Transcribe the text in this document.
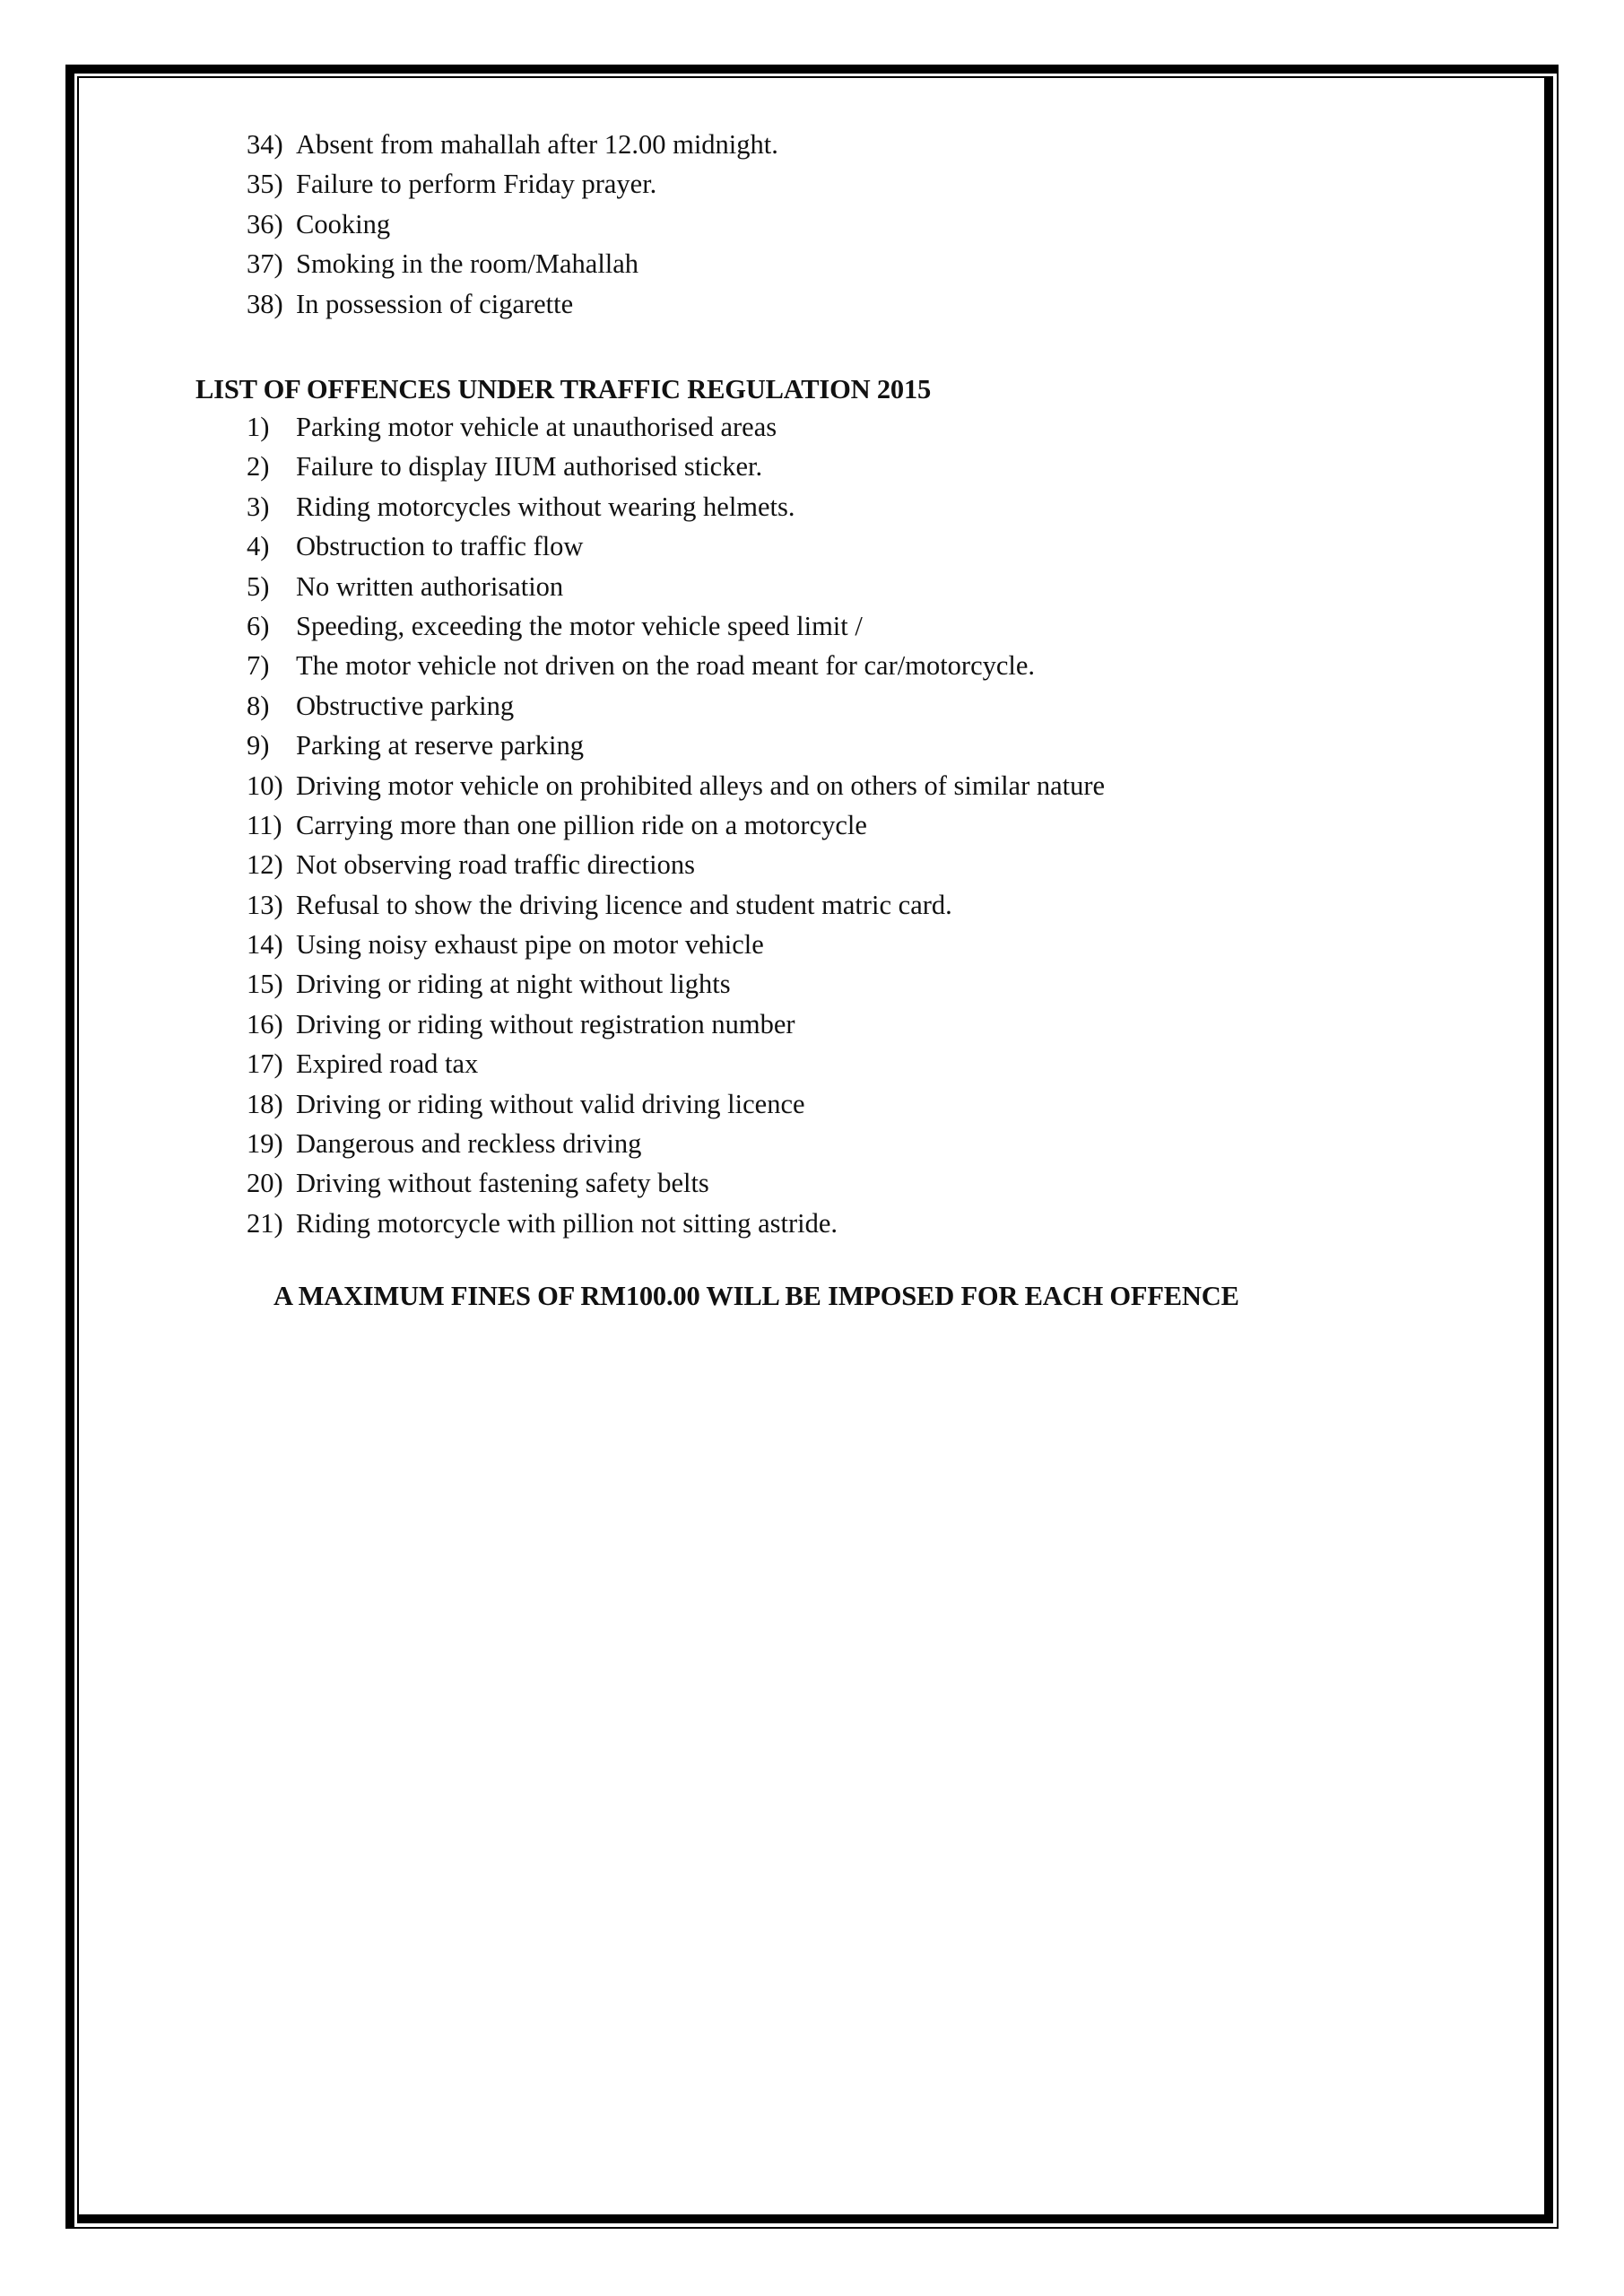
34) Absent from mahallah after 12.00 midnight.
35) Failure to perform Friday prayer.
36) Cooking
37) Smoking in the room/Mahallah
38) In possession of cigarette
LIST OF OFFENCES UNDER TRAFFIC REGULATION 2015
1) Parking motor vehicle at unauthorised areas
2) Failure to display IIUM authorised sticker.
3) Riding motorcycles without wearing helmets.
4) Obstruction to traffic flow
5) No written authorisation
6) Speeding, exceeding the motor vehicle speed limit /
7) The motor vehicle not driven on the road meant for car/motorcycle.
8) Obstructive parking
9) Parking at reserve parking
10) Driving motor vehicle on prohibited alleys and on others of similar nature
11) Carrying more than one pillion ride on a motorcycle
12) Not observing road traffic directions
13) Refusal to show the driving licence and student matric card.
14) Using noisy exhaust pipe on motor vehicle
15) Driving or riding at night without lights
16) Driving or riding without registration number
17) Expired road tax
18) Driving or riding without valid driving licence
19) Dangerous and reckless driving
20) Driving without fastening safety belts
21) Riding motorcycle with pillion not sitting astride.

A MAXIMUM FINES OF RM100.00 WILL BE IMPOSED FOR EACH OFFENCE
